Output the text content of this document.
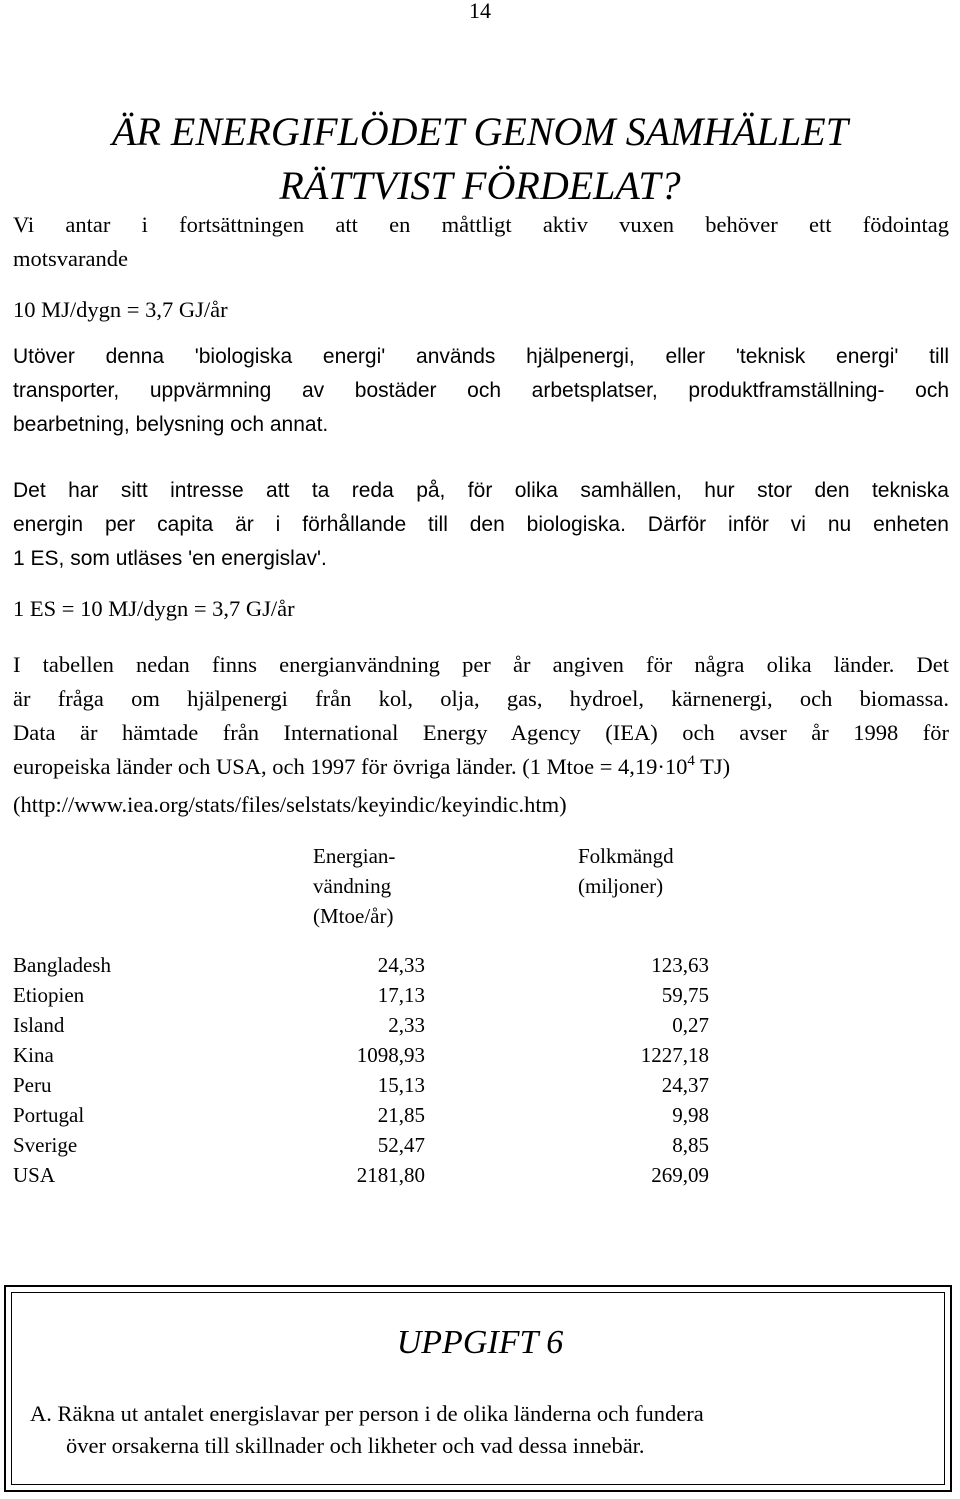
14
ÄR ENERGIFLÖDET GENOM SAMHÄLLET
RÄTTVIST FÖRDELAT?
Vi antar i fortsättningen att en måttligt aktiv vuxen behöver ett födointag
motsvarande
10 MJ/dygn = 3,7 GJ/år
Utöver denna 'biologiska energi' används hjälpenergi, eller 'teknisk energi' till
transporter, uppvärmning av bostäder och arbetsplatser, produktframställning- och
bearbetning, belysning och annat.
Det har sitt intresse att ta reda på, för olika samhällen, hur stor den tekniska
energin per capita är i förhållande till den biologiska. Därför inför vi nu enheten
1 ES, som utläses 'en energislav'.
1 ES = 10 MJ/dygn = 3,7 GJ/år
I tabellen nedan finns energianvändning per år angiven för några olika länder. Det
är fråga om hjälpenergi från kol, olja, gas, hydroel, kärnenergi, och biomassa.
Data är hämtade från International Energy Agency (IEA) och avser år 1998 för
europeiska länder och USA, och 1997 för övriga länder. (1 Mtoe = $4,19\cdot 10^4$ TJ)
(http://www.iea.org/stats/files/selstats/keyindic/keyindic.htm)
Energian-
vändning
(Mtoe/år)
Folkmängd
(miljoner)
Bangladesh	24,33	123,63
Etiopien	17,13	59,75
Island	2,33	0,27
Kina	1098,93	1227,18
Peru	15,13	24,37
Portugal	21,85	9,98
Sverige	52,47	8,85
USA	2181,80	269,09
UPPGIFT 6
A. Räkna ut antalet energislavar per person i de olika länderna och fundera
över orsakerna till skillnader och likheter och vad dessa innebär.
